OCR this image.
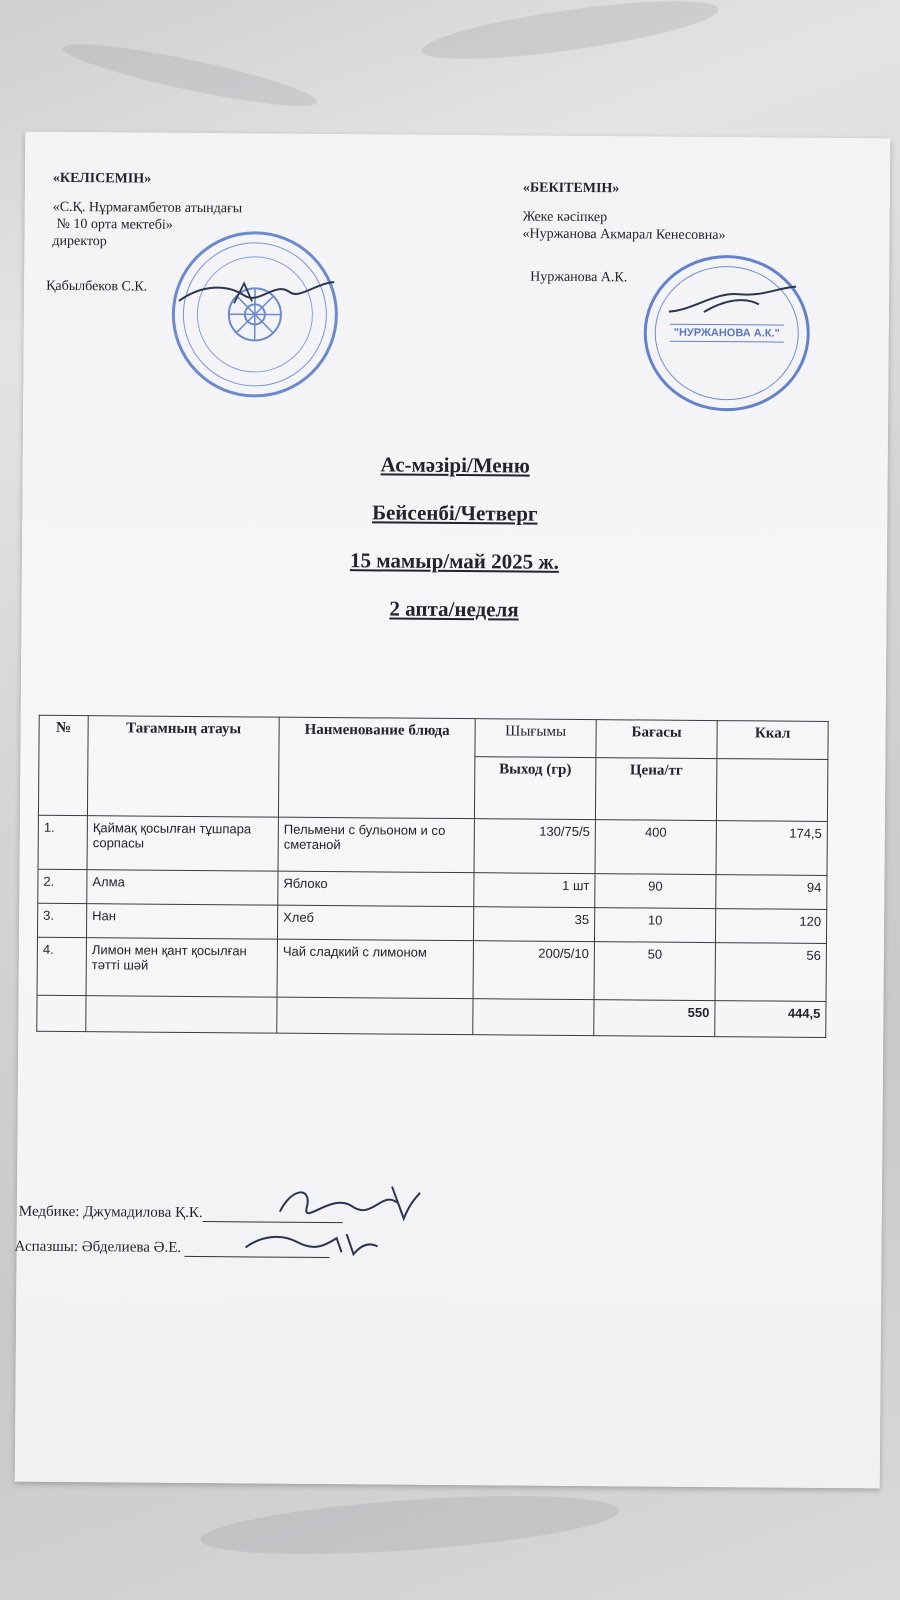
«КЕЛІСЕМІН»
«С.Қ. Нұрмағамбетов атындағы
№ 10 орта мектебі»
директор
Қабылбеков С.К.
«БЕКІТЕМІН»
Жеке кәсіпкер
«Нуржанова Акмарал Кенесовна»
Нуржанова А.К.
"НУРЖАНОВА А.К."
Ас-мәзірі/Меню
Бейсенбі/Четверг
15 мамыр/май 2025 ж.
2 апта/неделя
№	Тағамның атауы	Нанменование блюда	Шығымы	Бағасы	Ккал
			Выход (гр)	Цена/тг	
1.	Қаймақ қосылған тұшпара сорпасы	Пельмени с бульоном и со сметаной	130/75/5	400	174,5
2.	Алма	Яблоко	1 шт	90	94
3.	Нан	Хлеб	35	10	120
4.	Лимон мен қант қосылған тәтті шәй	Чай сладкий с лимоном	200/5/10	50	56
				550	444,5
Медбике: Джумадилова Қ.К.
Аспазшы: Әбделиева Ә.Е.
